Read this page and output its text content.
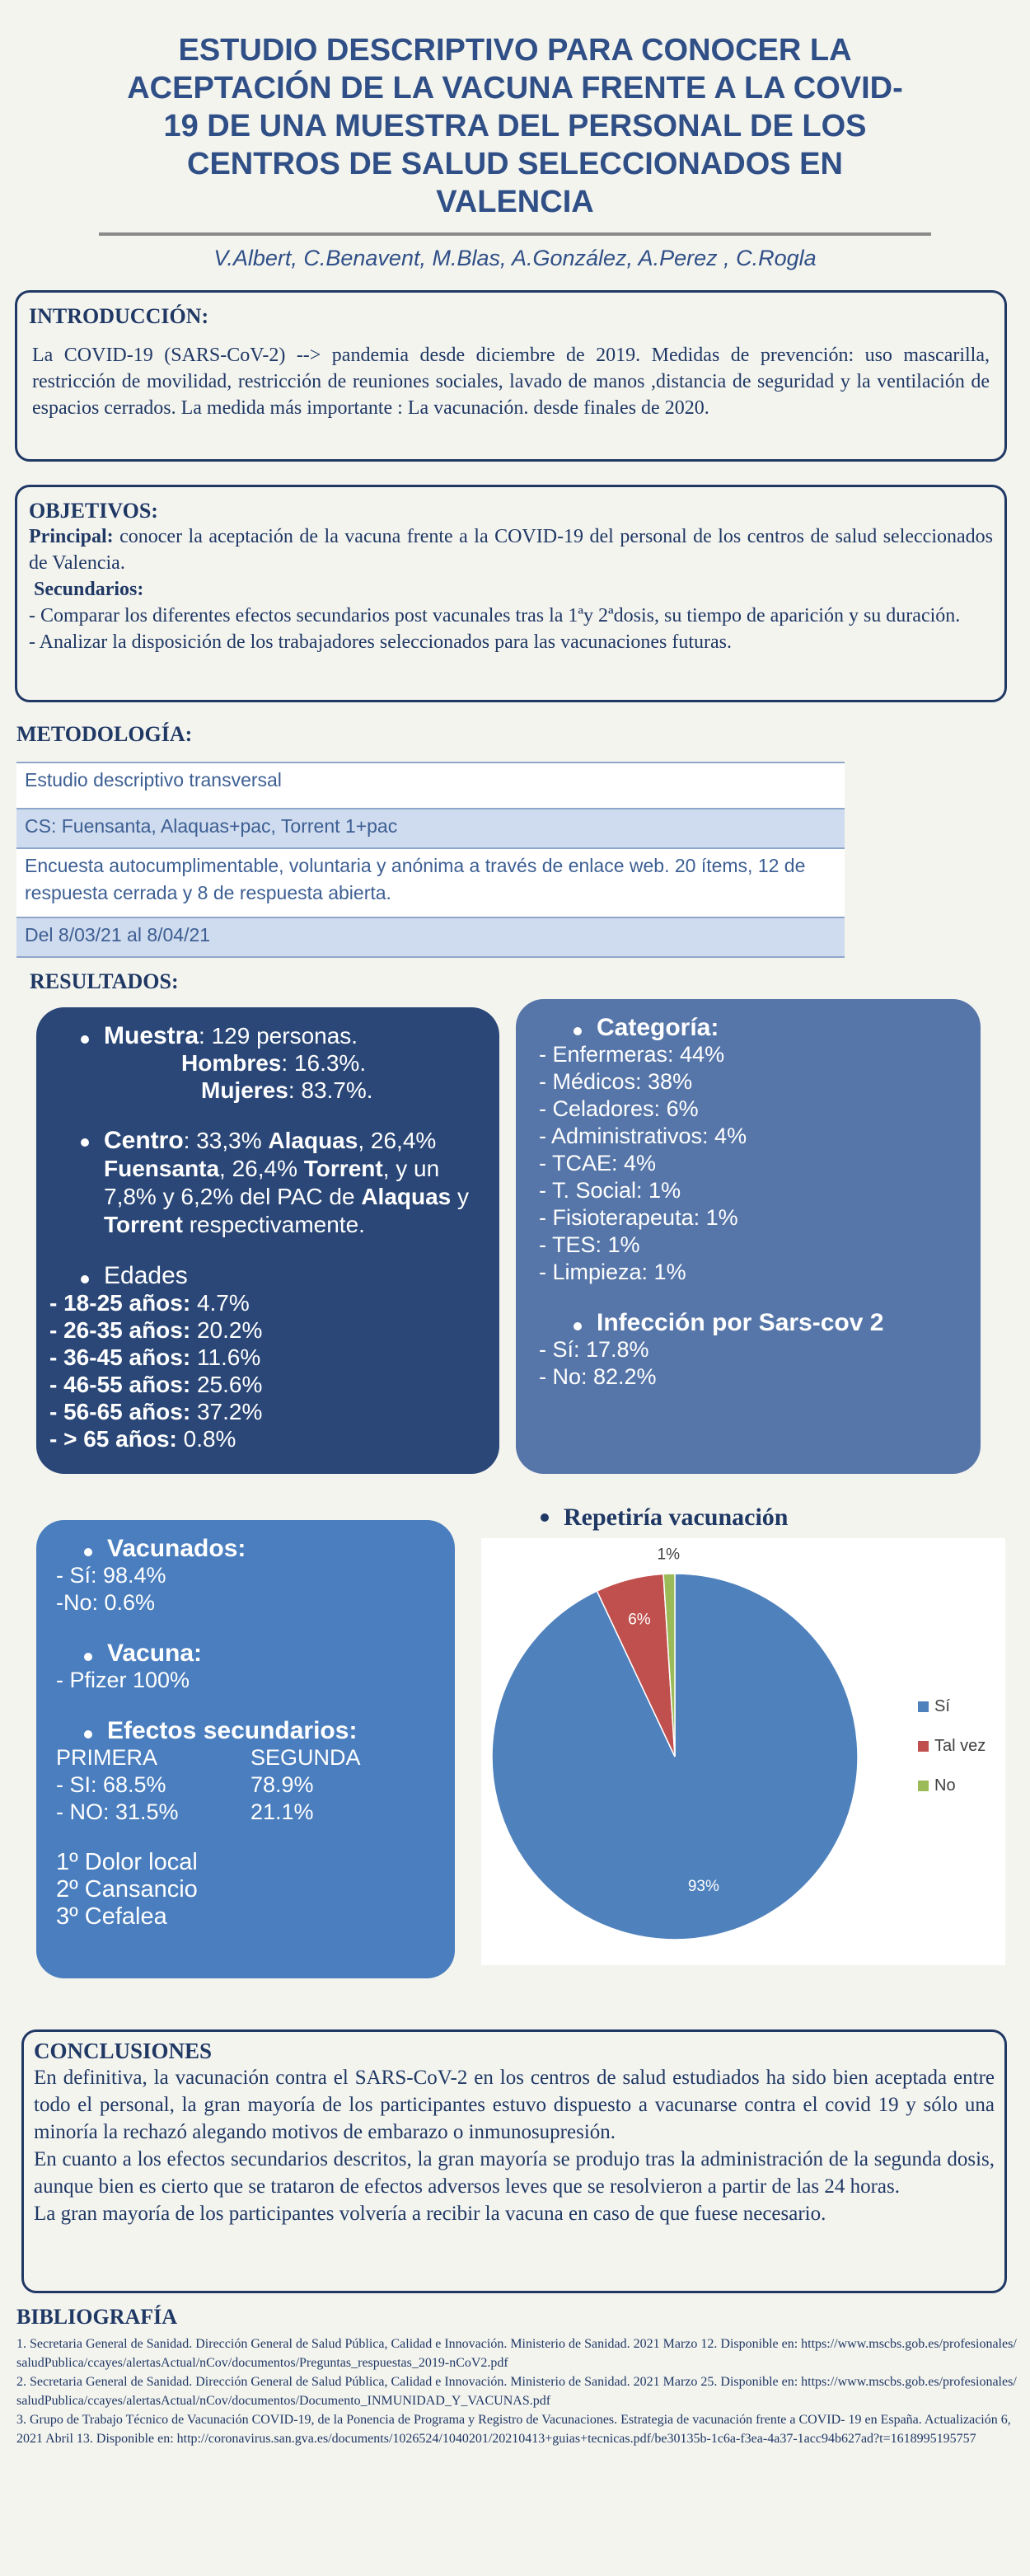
ESTUDIO DESCRIPTIVO PARA CONOCER LA
ACEPTACIÓN DE LA VACUNA FRENTE A LA COVID-
19 DE UNA MUESTRA DEL PERSONAL DE LOS
CENTROS DE SALUD SELECCIONADOS EN
VALENCIA
V.Albert, C.Benavent, M.Blas, A.González, A.Perez , C.Rogla
INTRODUCCIÓN:
La COVID-19 (SARS-CoV-2) --> pandemia desde diciembre de 2019. Medidas de prevención: uso mascarilla, restricción de movilidad, restricción de reuniones sociales, lavado de manos ,distancia de seguridad y la ventilación de espacios cerrados. La medida más importante : La vacunación. desde finales de 2020.
OBJETIVOS:
Principal: conocer la aceptación de la vacuna frente a la COVID-19 del personal de los centros de salud seleccionados de Valencia.
Secundarios:
- Comparar los diferentes efectos secundarios post vacunales tras la 1ªy 2ªdosis, su tiempo de aparición y su duración.
- Analizar la disposición de los trabajadores seleccionados para las vacunaciones futuras.
METODOLOGÍA:
Estudio descriptivo transversal
CS: Fuensanta, Alaquas+pac, Torrent 1+pac
Encuesta autocumplimentable, voluntaria y anónima a través de enlace web. 20 ítems, 12 de respuesta cerrada y 8 de respuesta abierta.
Del 8/03/21 al 8/04/21
RESULTADOS:
Muestra: 129 personas.
Hombres: 16.3%.
Mujeres: 83.7%.
Centro: 33,3% Alaquas, 26,4% Fuensanta, 26,4% Torrent, y un 7,8% y 6,2% del PAC de Alaquas y Torrent respectivamente.
Edades
- 18-25 años: 4.7%
- 26-35 años: 20.2%
- 36-45 años: 11.6%
- 46-55 años: 25.6%
- 56-65 años: 37.2%
- > 65 años: 0.8%
Categoría:
- Enfermeras: 44%
- Médicos: 38%
- Celadores: 6%
- Administrativos: 4%
- TCAE: 4%
- T. Social: 1%
- Fisioterapeuta: 1%
- TES: 1%
- Limpieza: 1%
Infección por Sars-cov 2
- Sí: 17.8%
- No: 82.2%
Vacunados:
- Sí: 98.4%
-No: 0.6%
Vacuna:
- Pfizer 100%
Efectos secundarios:
PRIMERA	SEGUNDA
- SI: 68.5%	78.9%
- NO: 31.5%	21.1%
1º Dolor local
2º Cansancio
3º Cefalea
Repetiría vacunación
93%
6%
1%
Sí
Tal vez
No
CONCLUSIONES
En definitiva, la vacunación contra el SARS-CoV-2 en los centros de salud estudiados ha sido bien aceptada entre todo el personal, la gran mayoría de los participantes estuvo dispuesto a vacunarse contra el covid 19 y sólo una minoría la rechazó alegando motivos de embarazo o inmunosupresión.
En cuanto a los efectos secundarios descritos, la gran mayoría se produjo tras la administración de la segunda dosis, aunque bien es cierto que se trataron de efectos adversos leves que se resolvieron a partir de las 24 horas.
La gran mayoría de los participantes volvería a recibir la vacuna en caso de que fuese necesario.
BIBLIOGRAFÍA
1. Secretaria General de Sanidad. Dirección General de Salud Pública, Calidad e Innovación. Ministerio de Sanidad. 2021 Marzo 12. Disponible en: https://www.mscbs.gob.es/profesionales/saludPublica/ccayes/alertasActual/nCov/documentos/Preguntas_respuestas_2019-nCoV2.pdf
2. Secretaria General de Sanidad. Dirección General de Salud Pública, Calidad e Innovación. Ministerio de Sanidad. 2021 Marzo 25. Disponible en: https://www.mscbs.gob.es/profesionales/saludPublica/ccayes/alertasActual/nCov/documentos/Documento_INMUNIDAD_Y_VACUNAS.pdf
3. Grupo de Trabajo Técnico de Vacunación COVID-19, de la Ponencia de Programa y Registro de Vacunaciones. Estrategia de vacunación frente a COVID- 19 en España. Actualización 6, 2021 Abril 13. Disponible en: http://coronavirus.san.gva.es/documents/1026524/1040201/20210413+guias+tecnicas.pdf/be30135b-1c6a-f3ea-4a37-1acc94b627ad?t=1618995195757
